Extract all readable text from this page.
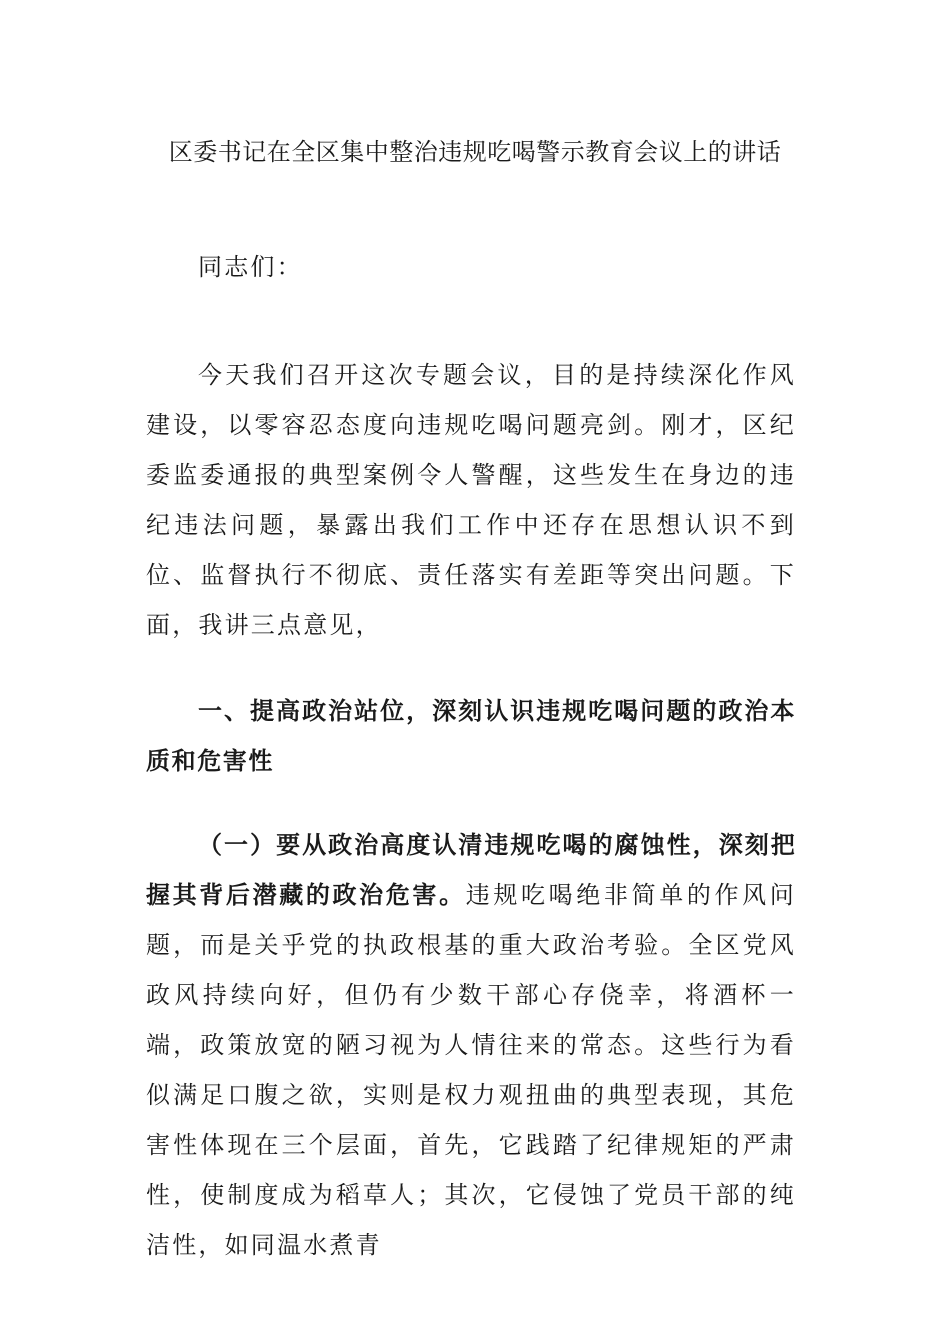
区委书记在全区集中整治违规吃喝警示教育会议上的讲话

同志们：

今天我们召开这次专题会议，目的是持续深化作风建设，以零容忍态度向违规吃喝问题亮剑。刚才，区纪委监委通报的典型案例令人警醒，这些发生在身边的违纪违法问题，暴露出我们工作中还存在思想认识不到位、监督执行不彻底、责任落实有差距等突出问题。下面，我讲三点意见，

一、提高政治站位，深刻认识违规吃喝问题的政治本质和危害性

（一）要从政治高度认清违规吃喝的腐蚀性，深刻把握其背后潜藏的政治危害。违规吃喝绝非简单的作风问题，而是关乎党的执政根基的重大政治考验。全区党风政风持续向好，但仍有少数干部心存侥幸，将酒杯一端，政策放宽的陋习视为人情往来的常态。这些行为看似满足口腹之欲，实则是权力观扭曲的典型表现，其危害性体现在三个层面，首先，它践踏了纪律规矩的严肃性，使制度成为稻草人；其次，它侵蚀了党员干部的纯洁性，如同温水煮青
